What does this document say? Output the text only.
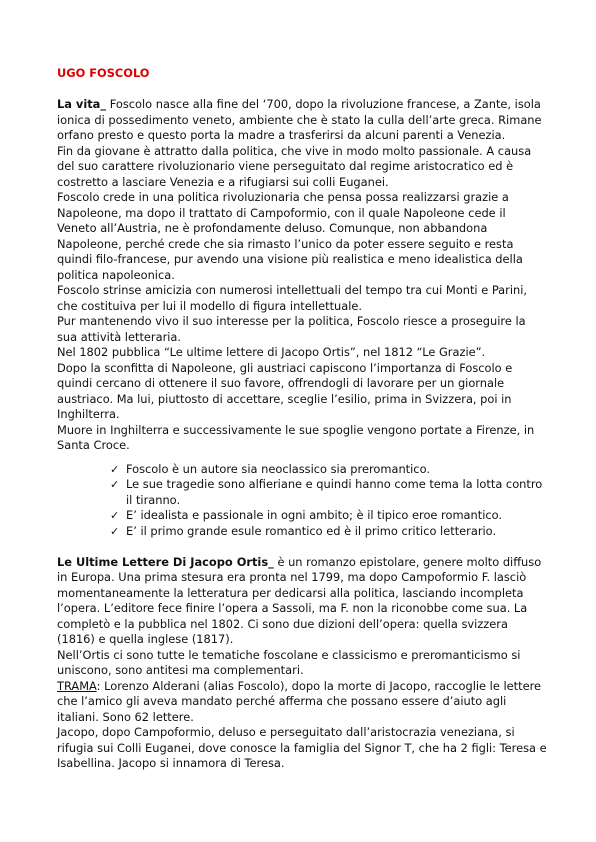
UGO FOSCOLO

La vita_ Foscolo nasce alla fine del ‘700, dopo la rivoluzione francese, a Zante, isola ionica di possedimento veneto, ambiente che è stato la culla dell’arte greca. Rimane orfano presto e questo porta la madre a trasferirsi da alcuni parenti a Venezia.

Fin da giovane è attratto dalla politica, che vive in modo molto passionale. A causa del suo carattere rivoluzionario viene perseguitato dal regime aristocratico ed è costretto a lasciare Venezia e a rifugiarsi sui colli Euganei.

Foscolo crede in una politica rivoluzionaria che pensa possa realizzarsi grazie a Napoleone, ma dopo il trattato di Campoformio, con il quale Napoleone cede il Veneto all’Austria, ne è profondamente deluso. Comunque, non abbandona Napoleone, perché crede che sia rimasto l’unico da poter essere seguito e resta quindi filo-francese, pur avendo una visione più realistica e meno idealistica della politica napoleonica.

Foscolo strinse amicizia con numerosi intellettuali del tempo tra cui Monti e Parini, che costituiva per lui il modello di figura intellettuale.

Pur mantenendo vivo il suo interesse per la politica, Foscolo riesce a proseguire la sua attività letteraria.

Nel 1802 pubblica “Le ultime lettere di Jacopo Ortis”, nel 1812 “Le Grazie”.

Dopo la sconfitta di Napoleone, gli austriaci capiscono l’importanza di Foscolo e quindi cercano di ottenere il suo favore, offrendogli di lavorare per un giornale austriaco. Ma lui, piuttosto di accettare, sceglie l’esilio, prima in Svizzera, poi in Inghilterra.

Muore in Inghilterra e successivamente le sue spoglie vengono portate a Firenze, in Santa Croce.

✓ Foscolo è un autore sia neoclassico sia preromantico.
✓ Le sue tragedie sono alfieriane e quindi hanno come tema la lotta contro il tiranno.
✓ E’ idealista e passionale in ogni ambito; è il tipico eroe romantico.
✓ E’ il primo grande esule romantico ed è il primo critico letterario.

Le Ultime Lettere Di Jacopo Ortis_ è un romanzo epistolare, genere molto diffuso in Europa. Una prima stesura era pronta nel 1799, ma dopo Campoformio F. lasciò momentaneamente la letteratura per dedicarsi alla politica, lasciando incompleta l’opera. L’editore fece finire l’opera a Sassoli, ma F. non la riconobbe come sua. La completò e la pubblica nel 1802. Ci sono due dizioni dell’opera: quella svizzera (1816) e quella inglese (1817).

Nell’Ortis ci sono tutte le tematiche foscolane e classicismo e preromanticismo si uniscono, sono antitesi ma complementari.

TRAMA: Lorenzo Alderani (alias Foscolo), dopo la morte di Jacopo, raccoglie le lettere che l’amico gli aveva mandato perché afferma che possano essere d’aiuto agli italiani. Sono 62 lettere.

Jacopo, dopo Campoformio, deluso e perseguitato dall’aristocrazia veneziana, si rifugia sui Colli Euganei, dove conosce la famiglia del Signor T, che ha 2 figli: Teresa e Isabellina. Jacopo si innamora di Teresa.
